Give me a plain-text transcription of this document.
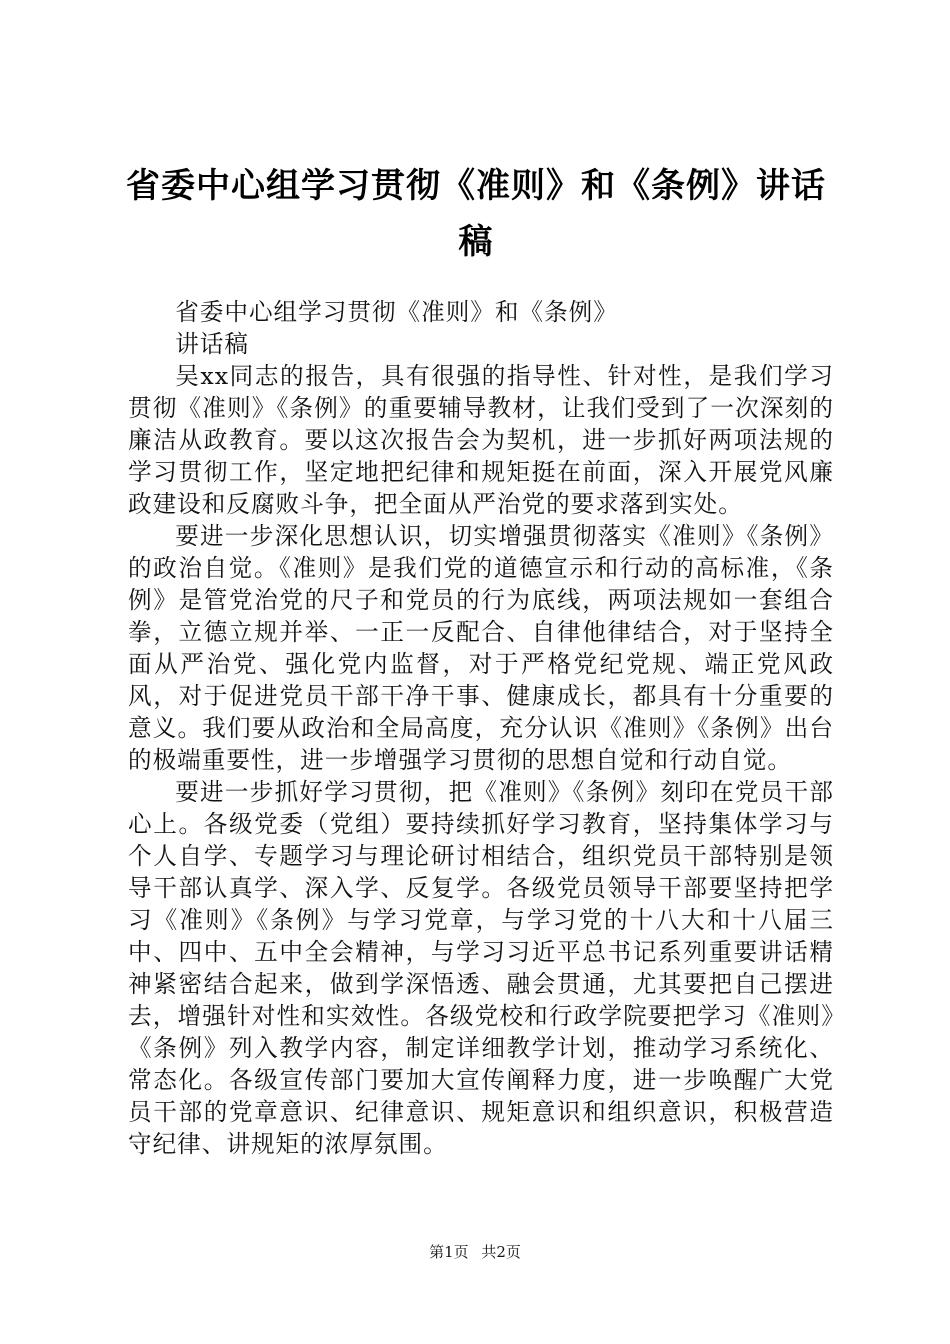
省委中心组学习贯彻《准则》和《条例》讲话稿

省委中心组学习贯彻《准则》和《条例》

讲话稿

吴xx同志的报告，具有很强的指导性、针对性，是我们学习贯彻《准则》《条例》的重要辅导教材，让我们受到了一次深刻的廉洁从政教育。要以这次报告会为契机，进一步抓好两项法规的学习贯彻工作，坚定地把纪律和规矩挺在前面，深入开展党风廉政建设和反腐败斗争，把全面从严治党的要求落到实处。

要进一步深化思想认识，切实增强贯彻落实《准则》《条例》的政治自觉。《准则》是我们党的道德宣示和行动的高标准，《条例》是管党治党的尺子和党员的行为底线，两项法规如一套组合拳，立德立规并举、一正一反配合、自律他律结合，对于坚持全面从严治党、强化党内监督，对于严格党纪党规、端正党风政风，对于促进党员干部干净干事、健康成长，都具有十分重要的意义。我们要从政治和全局高度，充分认识《准则》《条例》出台的极端重要性，进一步增强学习贯彻的思想自觉和行动自觉。

要进一步抓好学习贯彻，把《准则》《条例》刻印在党员干部心上。各级党委（党组）要持续抓好学习教育，坚持集体学习与个人自学、专题学习与理论研讨相结合，组织党员干部特别是领导干部认真学、深入学、反复学。各级党员领导干部要坚持把学习《准则》《条例》与学习党章，与学习党的十八大和十八届三中、四中、五中全会精神，与学习习近平总书记系列重要讲话精神紧密结合起来，做到学深悟透、融会贯通，尤其要把自己摆进去，增强针对性和实效性。各级党校和行政学院要把学习《准则》《条例》列入教学内容，制定详细教学计划，推动学习系统化、常态化。各级宣传部门要加大宣传阐释力度，进一步唤醒广大党员干部的党章意识、纪律意识、规矩意识和组织意识，积极营造守纪律、讲规矩的浓厚氛围。

第1页 共2页
